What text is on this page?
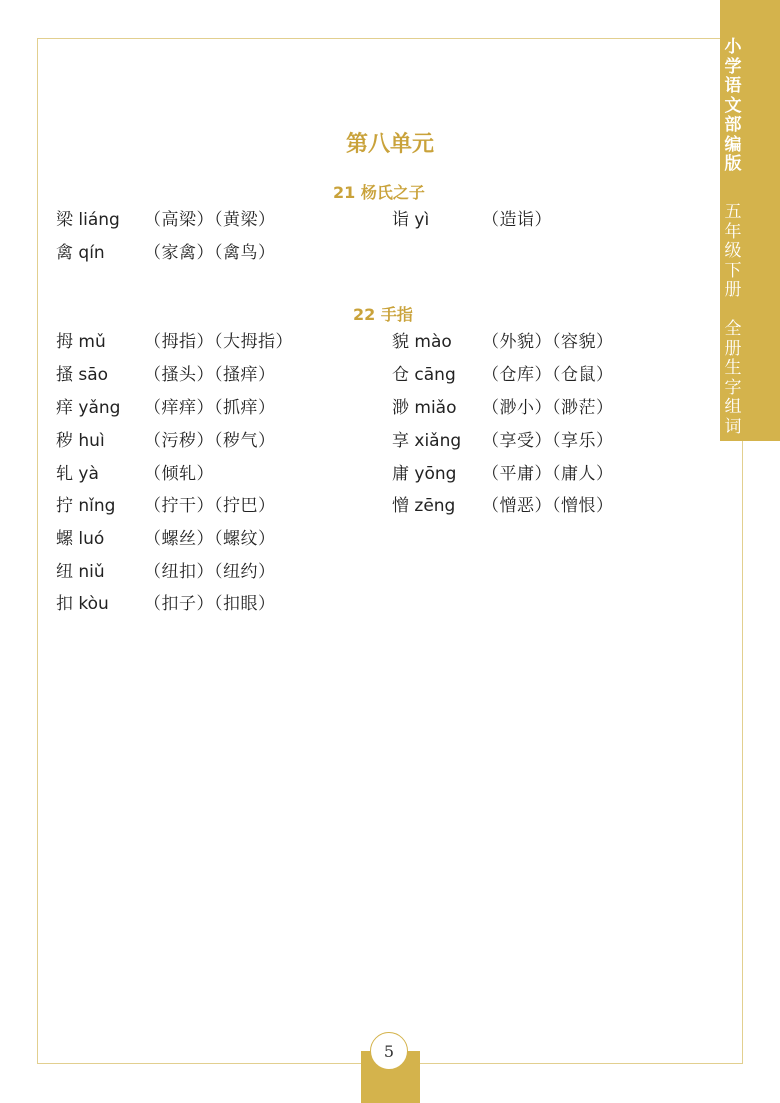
小
学
语
文
部
编
版
五
年
级
下
册
全
册
生
字
组
词
第八单元
21 杨氏之子
梁 liáng （高梁）（黄梁）
禽 qín （家禽）（禽鸟）
诣 yì	（造诣）
22 手指
拇 mǔ （拇指）（大拇指）
搔 sāo （搔头）（搔痒）
痒 yǎng （痒痒）（抓痒）
秽 huì （污秽）（秽气）
轧 yà	（倾轧）
拧 nǐng （拧干）（拧巴）
螺 luó （螺丝）（螺纹）
纽 niǔ （纽扣）（纽约）
扣 kòu （扣子）（扣眼）
貌 mào （外貌）（容貌）
仓 cāng （仓库）（仓鼠）
渺 miǎo （渺小）（渺茫）
享 xiǎng （享受）（享乐）
庸 yōng （平庸）（庸人）
憎 zēng （憎恶）（憎恨）
5
